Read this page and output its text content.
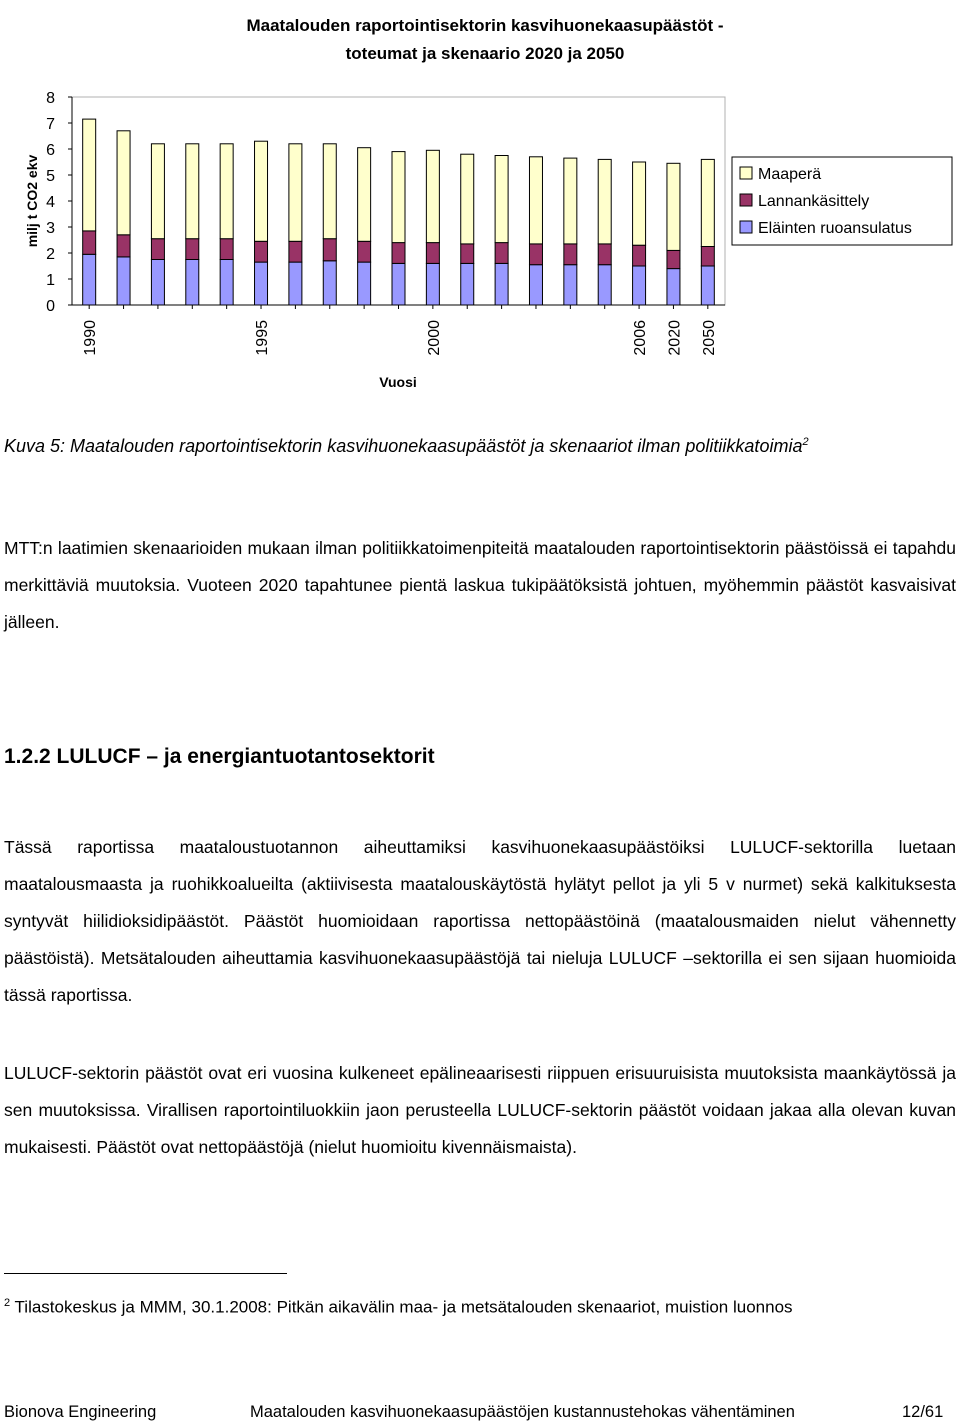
Maatalouden raportointisektorin kasvihuonekaasupäästöt -
toteumat ja skenaario 2020 ja 2050
0
1
2
3
4
5
6
7
8
milj t CO2 ekv
1990	1995	2000	2006 2020 2050
Vuosi
Maaperä
Lannankäsittely
Eläinten ruoansulatus
Kuva 5: Maatalouden raportointisektorin kasvihuonekaasupäästöt ja skenaariot ilman politiikkatoimia$^2$
MTT:n laatimien skenaarioiden mukaan ilman politiikkatoimenpiteitä maatalouden raportointisektorin päästöissä ei tapahdu merkittäviä muutoksia. Vuoteen 2020 tapahtunee pientä laskua tukipäätöksistä johtuen, myöhemmin päästöt kasvaisivat jälleen.
1.2.2 LULUCF – ja energiantuotantosektorit
Tässä raportissa maataloustuotannon aiheuttamiksi kasvihuonekaasupäästöiksi LULUCF-sektorilla luetaan maatalousmaasta ja ruohikkoalueilta (aktiivisesta maatalouskäytöstä hylätyt pellot ja yli 5 v nurmet) sekä kalkituksesta syntyvät hiilidioksidipäästöt. Päästöt huomioidaan raportissa nettopäästöinä (maatalousmaiden nielut vähennetty päästöistä). Metsätalouden aiheuttamia kasvihuonekaasupäästöjä tai nieluja LULUCF –sektorilla ei sen sijaan huomioida tässä raportissa.
LULUCF-sektorin päästöt ovat eri vuosina kulkeneet epälineaarisesti riippuen erisuuruisista muutoksista maankäytössä ja sen muutoksissa. Virallisen raportointiluokkiin jaon perusteella LULUCF-sektorin päästöt voidaan jakaa alla olevan kuvan mukaisesti. Päästöt ovat nettopäästöjä (nielut huomioitu kivennäismaista).
$^2$ Tilastokeskus ja MMM, 30.1.2008: Pitkän aikavälin maa- ja metsätalouden skenaariot, muistion luonnos
Bionova Engineering	Maatalouden kasvihuonekaasupäästöjen kustannustehokas vähentäminen	12/61
